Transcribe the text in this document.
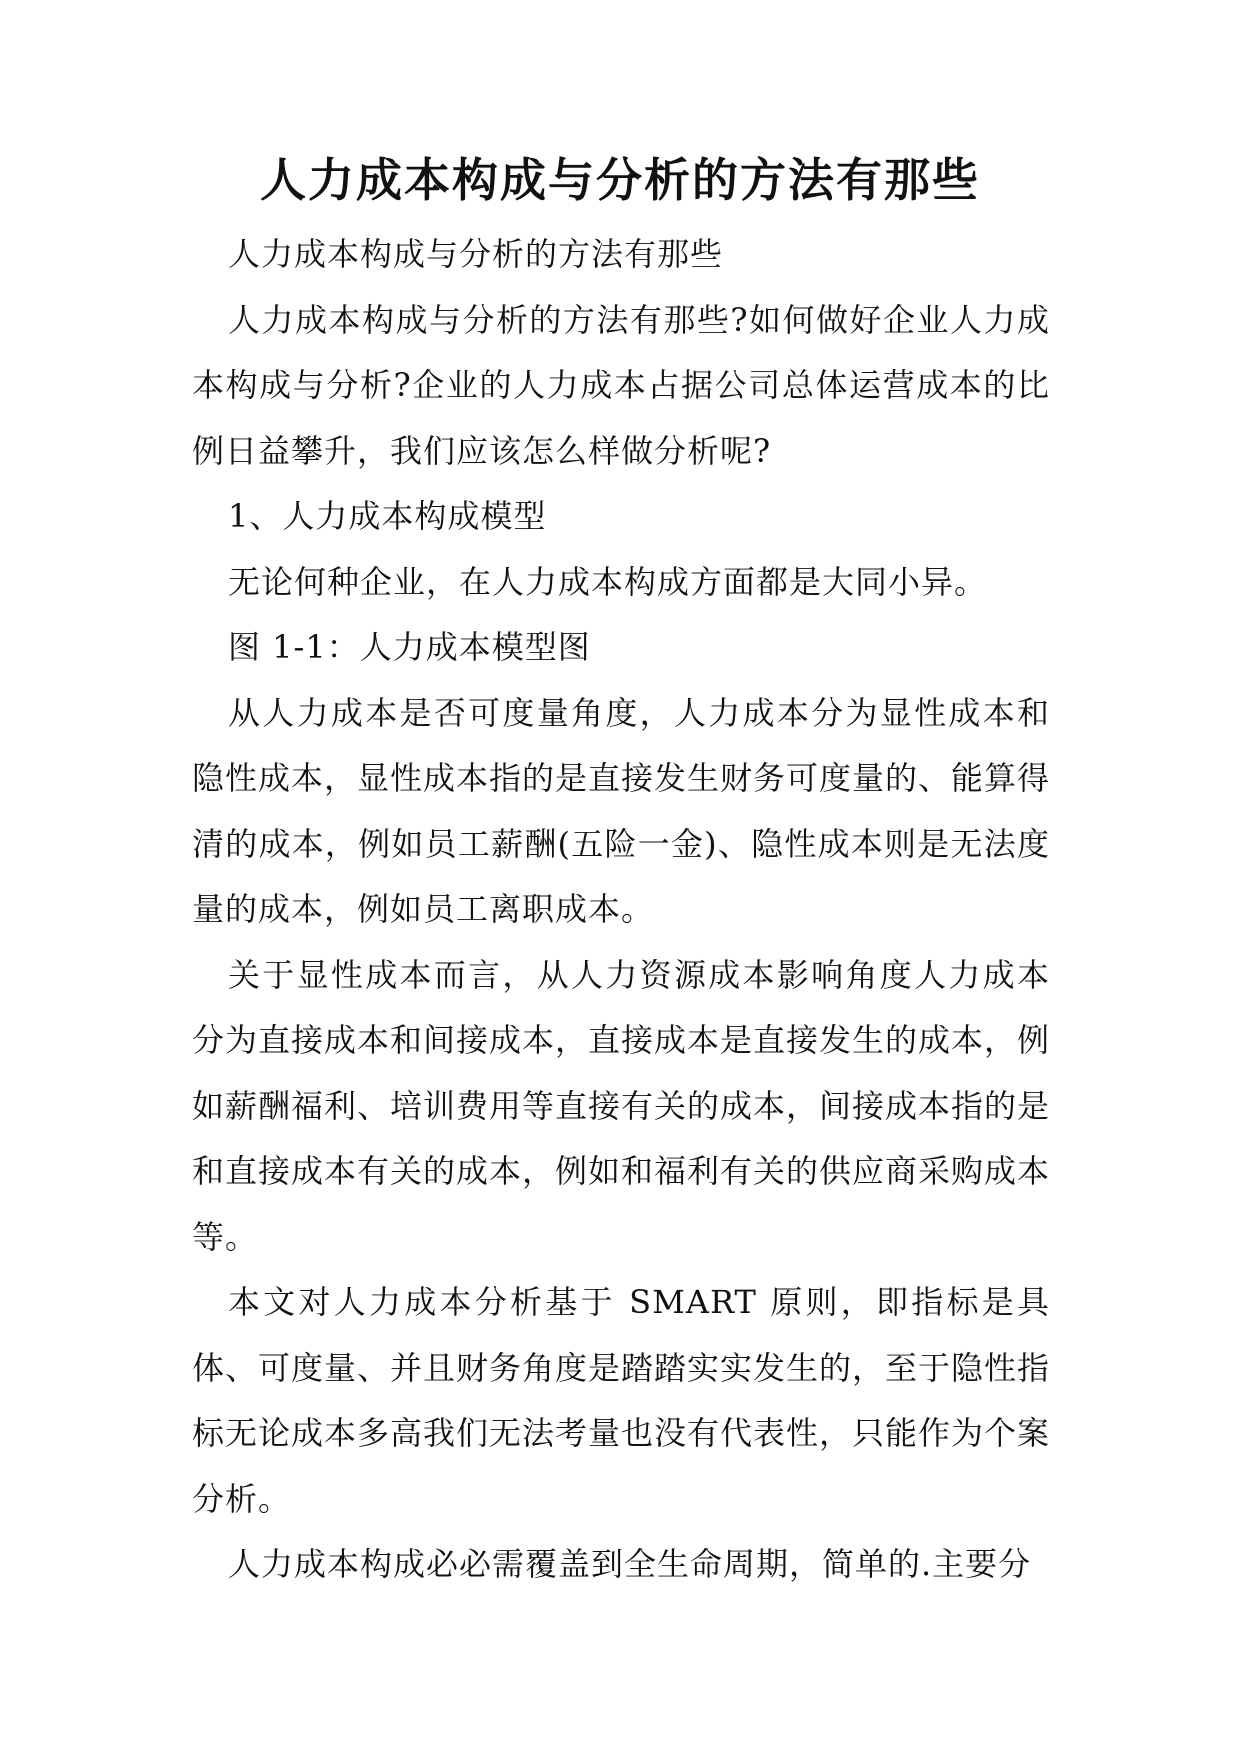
人力成本构成与分析的方法有那些

人力成本构成与分析的方法有那些

人力成本构成与分析的方法有那些?如何做好企业人力成本构成与分析?企业的人力成本占据公司总体运营成本的比例日益攀升，我们应该怎么样做分析呢?

1、人力成本构成模型

无论何种企业，在人力成本构成方面都是大同小异。

图 1-1：人力成本模型图

从人力成本是否可度量角度，人力成本分为显性成本和隐性成本，显性成本指的是直接发生财务可度量的、能算得清的成本，例如员工薪酬(五险一金)、隐性成本则是无法度量的成本，例如员工离职成本。

关于显性成本而言，从人力资源成本影响角度人力成本分为直接成本和间接成本，直接成本是直接发生的成本，例如薪酬福利、培训费用等直接有关的成本，间接成本指的是和直接成本有关的成本，例如和福利有关的供应商采购成本等。

本文对人力成本分析基于 SMART 原则，即指标是具体、可度量、并且财务角度是踏踏实实发生的，至于隐性指标无论成本多高我们无法考量也没有代表性，只能作为个案分析。

人力成本构成必必需覆盖到全生命周期，简单的.主要分
